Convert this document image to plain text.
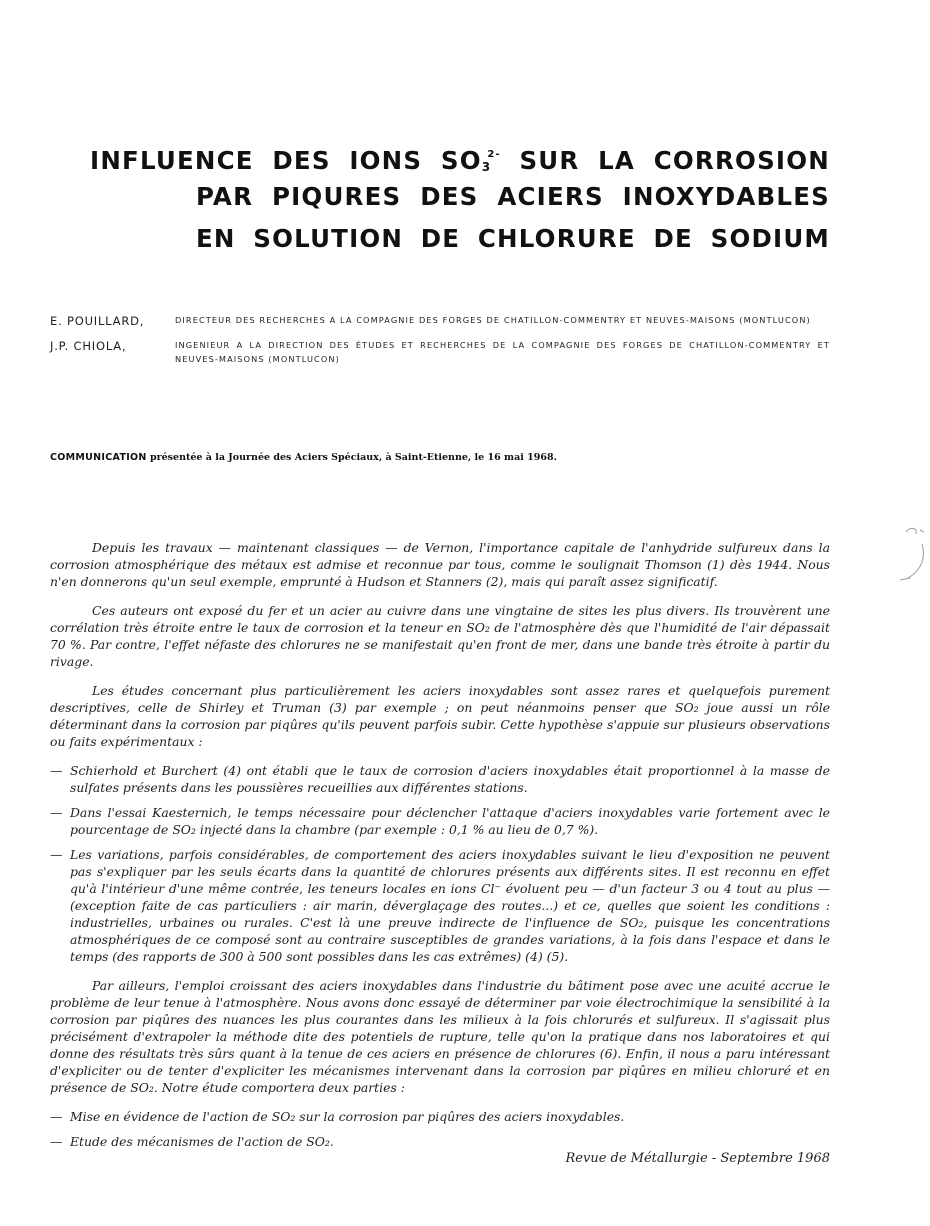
INFLUENCE DES IONS $SO_3^{2-}$ SUR LA CORROSION
PAR PIQURES DES ACIERS INOXYDABLES
EN SOLUTION DE CHLORURE DE SODIUM
E. POUILLARD,	DIRECTEUR DES RECHERCHES A LA COMPAGNIE DES FORGES DE CHATILLON-COMMENTRY ET NEUVES-MAISONS (MONTLUCON)
J.P. CHIOLA,	INGENIEUR A LA DIRECTION DES ÉTUDES ET RECHERCHES DE LA COMPAGNIE DES FORGES DE CHATILLON-COMMENTRY ET NEUVES-MAISONS (MONTLUCON)
COMMUNICATION présentée à la Journée des Aciers Spéciaux, à Saint-Etienne, le 16 mai 1968.

Depuis les travaux — maintenant classiques — de Vernon, l'importance capitale de l'anhydride sulfureux dans la corrosion atmosphérique des métaux est admise et reconnue par tous, comme le soulignait Thomson (1) dès 1944. Nous n'en donnerons qu'un seul exemple, emprunté à Hudson et Stanners (2), mais qui paraît assez significatif.

Ces auteurs ont exposé du fer et un acier au cuivre dans une vingtaine de sites les plus divers. Ils trouvèrent une corrélation très étroite entre le taux de corrosion et la teneur en SO₂ de l'atmosphère dès que l'humidité de l'air dépassait 70 %. Par contre, l'effet néfaste des chlorures ne se manifestait qu'en front de mer, dans une bande très étroite à partir du rivage.

Les études concernant plus particulièrement les aciers inoxydables sont assez rares et quelquefois purement descriptives, celle de Shirley et Truman (3) par exemple ; on peut néanmoins penser que SO₂ joue aussi un rôle déterminant dans la corrosion par piqûres qu'ils peuvent parfois subir. Cette hypothèse s'appuie sur plusieurs observations ou faits expérimentaux :

— Schierhold et Burchert (4) ont établi que le taux de corrosion d'aciers inoxydables était proportionnel à la masse de sulfates présents dans les poussières recueillies aux différentes stations.
— Dans l'essai Kaesternich, le temps nécessaire pour déclencher l'attaque d'aciers inoxydables varie fortement avec le pourcentage de SO₂ injecté dans la chambre (par exemple : 0,1 % au lieu de 0,7 %).
— Les variations, parfois considérables, de comportement des aciers inoxydables suivant le lieu d'exposition ne peuvent pas s'expliquer par les seuls écarts dans la quantité de chlorures présents aux différents sites. Il est reconnu en effet qu'à l'intérieur d'une même contrée, les teneurs locales en ions Cl⁻ évoluent peu — d'un facteur 3 ou 4 tout au plus — (exception faite de cas particuliers : air marin, déverglaçage des routes...) et ce, quelles que soient les conditions : industrielles, urbaines ou rurales. C'est là une preuve indirecte de l'influence de SO₂, puisque les concentrations atmosphériques de ce composé sont au contraire susceptibles de grandes variations, à la fois dans l'espace et dans le temps (des rapports de 300 à 500 sont possibles dans les cas extrêmes) (4) (5).

Par ailleurs, l'emploi croissant des aciers inoxydables dans l'industrie du bâtiment pose avec une acuité accrue le problème de leur tenue à l'atmosphère. Nous avons donc essayé de déterminer par voie électrochimique la sensibilité à la corrosion par piqûres des nuances les plus courantes dans les milieux à la fois chlorurés et sulfureux. Il s'agissait plus précisément d'extrapoler la méthode dite des potentiels de rupture, telle qu'on la pratique dans nos laboratoires et qui donne des résultats très sûrs quant à la tenue de ces aciers en présence de chlorures (6). Enfin, il nous a paru intéressant d'expliciter ou de tenter d'expliciter les mécanismes intervenant dans la corrosion par piqûres en milieu chloruré et en présence de SO₂. Notre étude comportera deux parties :

— Mise en évidence de l'action de SO₂ sur la corrosion par piqûres des aciers inoxydables.
— Etude des mécanismes de l'action de SO₂.
Revue de Métallurgie - Septembre 1968
